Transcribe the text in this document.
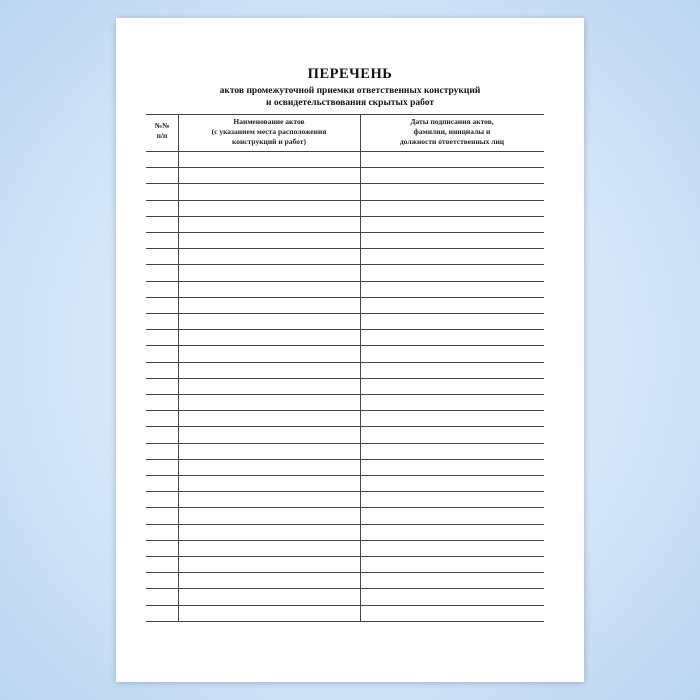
ПЕРЕЧЕНЬ
актов промежуточной приемки ответственных конструкций
и освидетельствования скрытых работ
№№
п/п
Наименование актов
(с указанием места расположения
конструкций и работ)
Даты подписания актов,
фамилии, инициалы и
должности ответственных лиц
